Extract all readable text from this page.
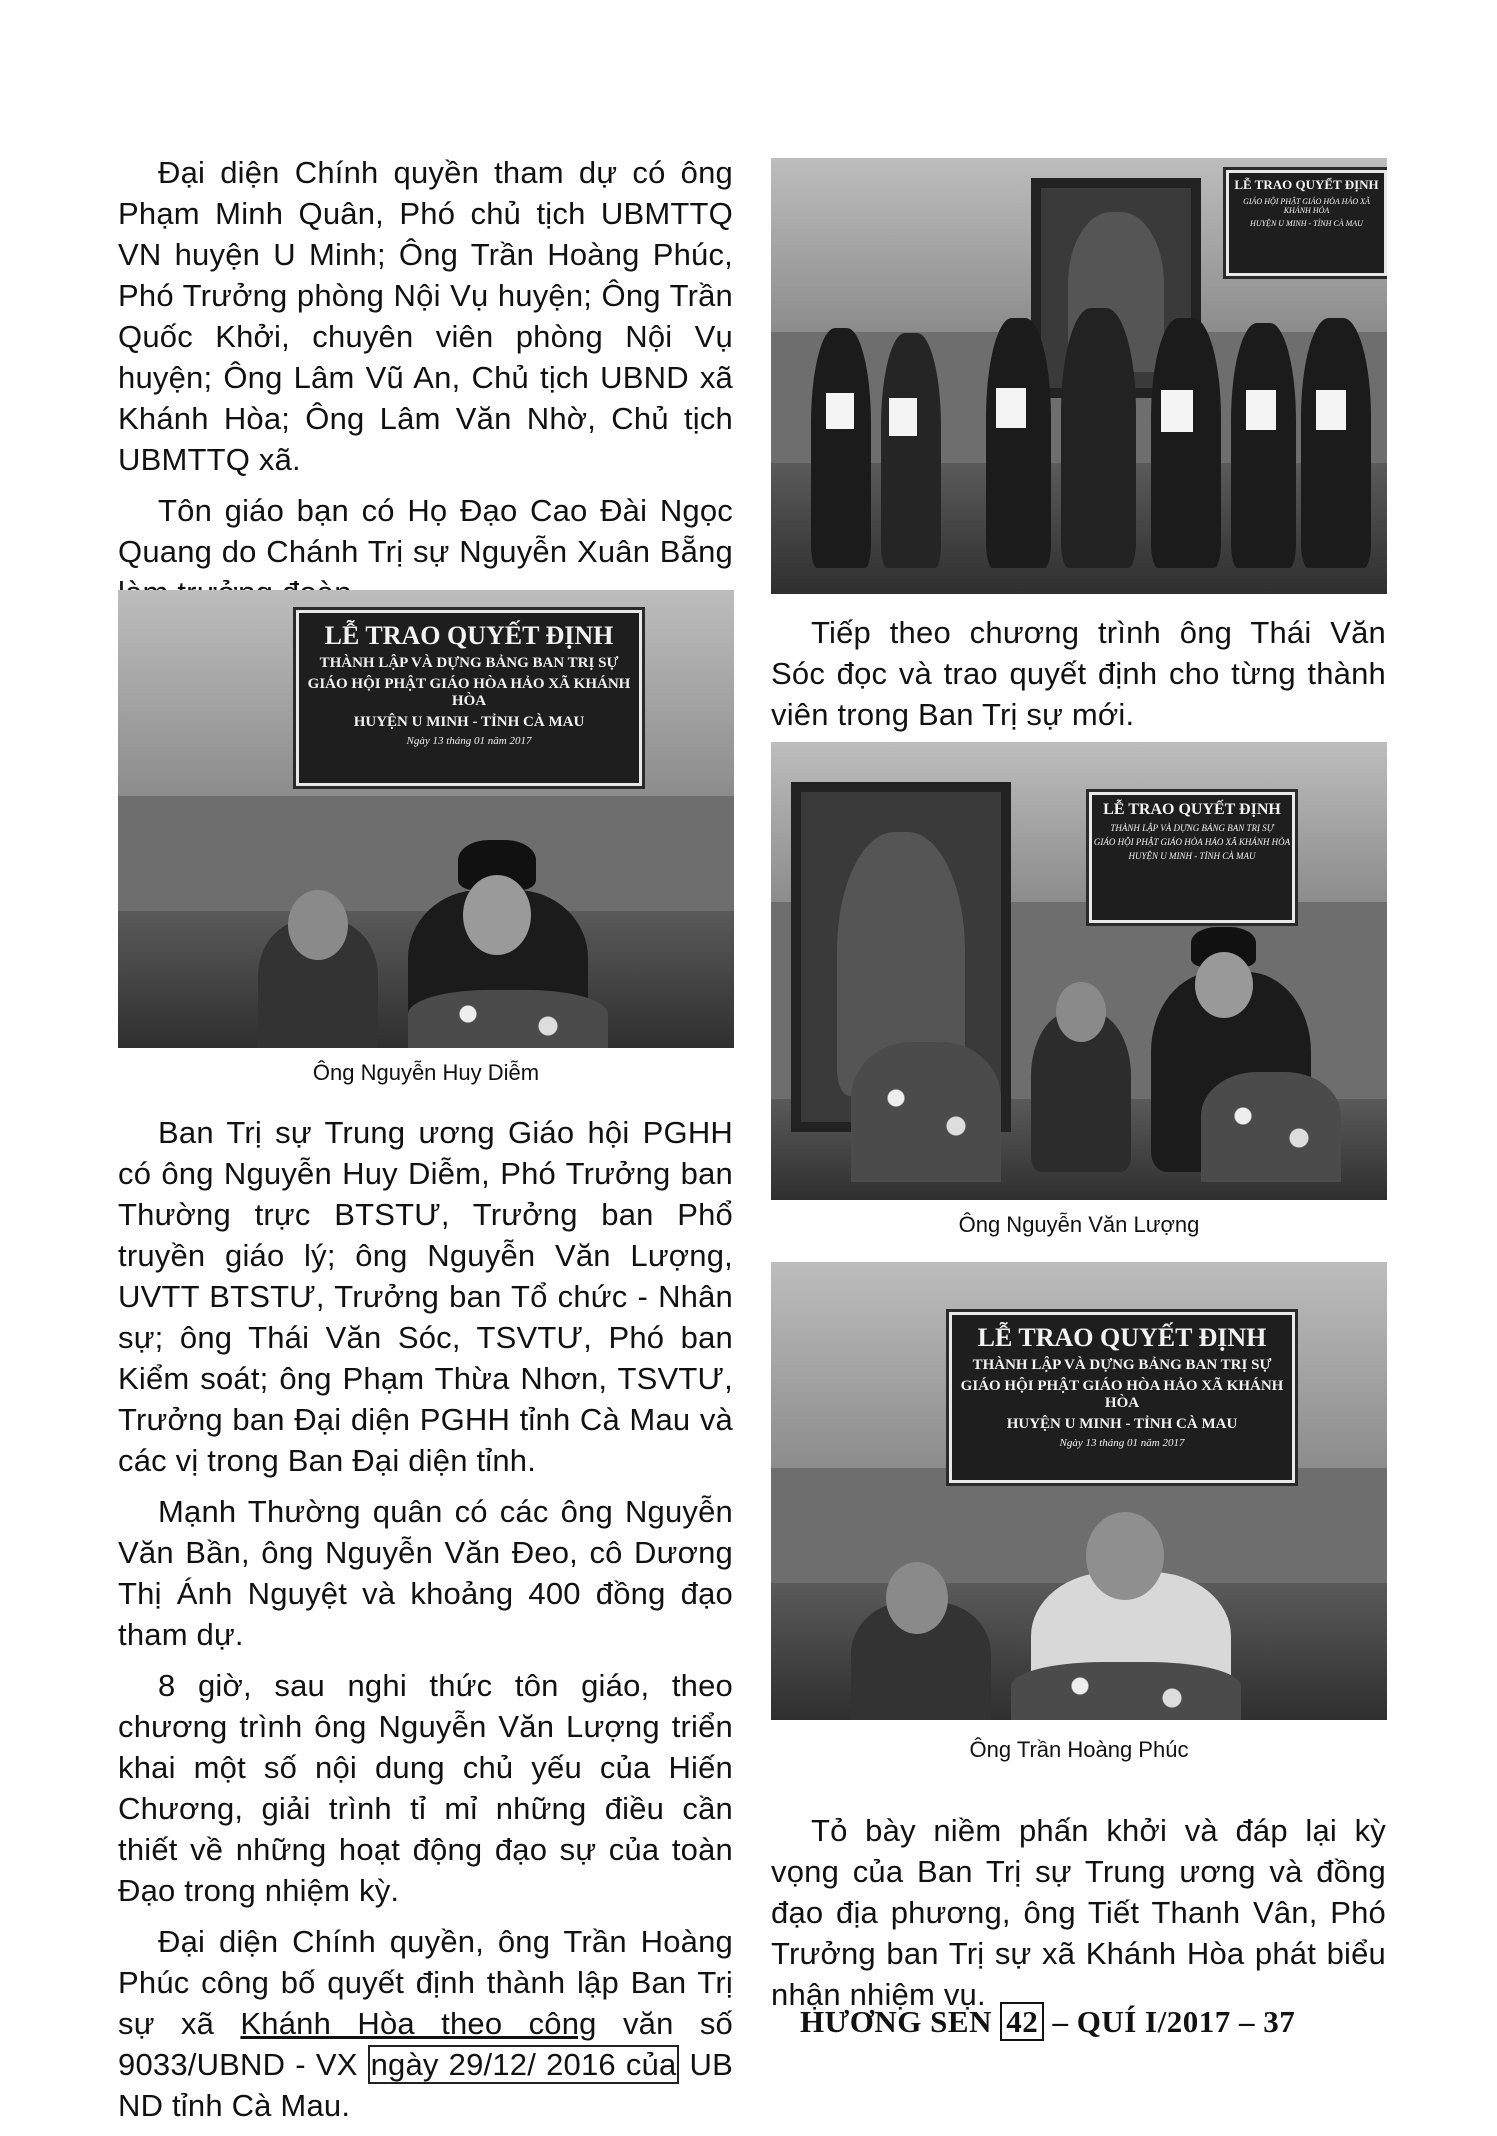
Đại diện Chính quyền tham dự có ông Phạm Minh Quân, Phó chủ tịch UBMTTQ VN huyện U Minh; Ông Trần Hoàng Phúc, Phó Trưởng phòng Nội Vụ huyện; Ông Trần Quốc Khởi, chuyên viên phòng Nội Vụ huyện; Ông Lâm Vũ An, Chủ tịch UBND xã Khánh Hòa; Ông Lâm Văn Nhờ, Chủ tịch UBMTTQ xã.

Tôn giáo bạn có Họ Đạo Cao Đài Ngọc Quang do Chánh Trị sự Nguyễn Xuân Bẵng

LỄ TRAO QUYẾT ĐỊNH
THÀNH LẬP VÀ DỰNG BẢNG BAN TRỊ SỰ
GIÁO HỘI PHẬT GIÁO HÒA HẢO XÃ KHÁNH HÒA
HUYỆN U MINH - TỈNH CÀ MAU
Ngày 13 tháng 01 năm 2017
Ông Nguyễn Huy Diễm

Ban Trị sự Trung ương Giáo hội PGHH có ông Nguyễn Huy Diễm, Phó Trưởng ban Thường trực BTSTƯ, Trưởng ban Phổ truyền giáo lý; ông Nguyễn Văn Lượng, UVTT BTSTƯ, Trưởng ban Tổ chức - Nhân sự; ông Thái Văn Sóc, TSVTƯ, Phó ban Kiểm soát; ông Phạm Thừa Nhơn, TSVTƯ, Trưởng ban Đại diện PGHH tỉnh Cà Mau và các vị trong Ban Đại diện tỉnh.

Mạnh Thường quân có các ông Nguyễn Văn Bần, ông Nguyễn Văn Đeo, cô Dương Thị Ánh Nguyệt và khoảng 400 đồng đạo tham dự.

8 giờ, sau nghi thức tôn giáo, theo chương trình ông Nguyễn Văn Lượng triển khai một số nội dung chủ yếu của Hiến Chương, giải trình tỉ mỉ những điều cần thiết về những hoạt động đạo sự của toàn Đạo trong nhiệm kỳ.

Đại diện Chính quyền, ông Trần Hoàng Phúc công bố quyết định thành lập Ban Trị sự xã Khánh Hòa theo công văn số 9033/UBND - VX ngày 29/12/ 2016 của UB ND tỉnh Cà Mau.

LỄ TRAO QUYẾT ĐỊNH
GIÁO HỘI PHẬT GIÁO HÒA HẢO XÃ KHÁNH HÒA
HUYỆN U MINH - TỈNH CÀ MAU

Tiếp theo chương trình ông Thái Văn Sóc đọc và trao quyết định cho từng thành viên trong Ban Trị sự mới.

LỄ TRAO QUYẾT ĐỊNH
THÀNH LẬP VÀ DỰNG BẢNG BAN TRỊ SỰ
GIÁO HỘI PHẬT GIÁO HÒA HẢO XÃ KHÁNH HÒA
HUYỆN U MINH - TỈNH CÀ MAU
Ông Nguyễn Văn Lượng
LỄ TRAO QUYẾT ĐỊNH
THÀNH LẬP VÀ DỰNG BẢNG BAN TRỊ SỰ
GIÁO HỘI PHẬT GIÁO HÒA HẢO XÃ KHÁNH HÒA
HUYỆN U MINH - TỈNH CÀ MAU
Ngày 13 tháng 01 năm 2017
Ông Trần Hoàng Phúc

Tỏ bày niềm phấn khởi và đáp lại kỳ vọng của Ban Trị sự Trung ương và đồng đạo địa phương, ông Tiết Thanh Vân, Phó Trưởng ban Trị sự xã Khánh Hòa phát biểu nhận nhiệm vụ.

HƯƠNG SEN 42 – QUÍ I/2017 – 37
